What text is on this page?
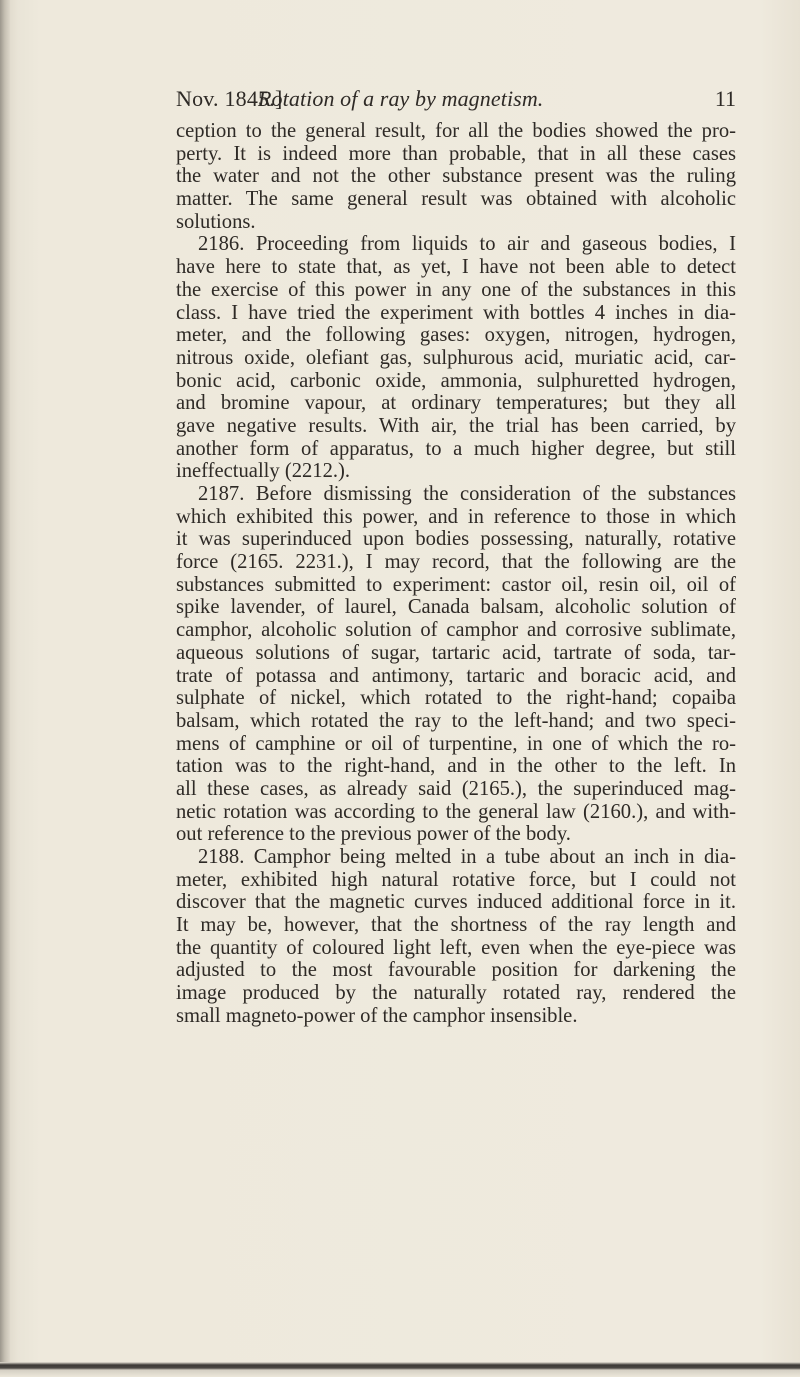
Nov. 1845.]
Rotation of a ray by magnetism.	11
ception to the general result, for all the bodies showed the pro-
perty. It is indeed more than probable, that in all these cases
the water and not the other substance present was the ruling
matter. The same general result was obtained with alcoholic
solutions.
2186. Proceeding from liquids to air and gaseous bodies, I
have here to state that, as yet, I have not been able to detect
the exercise of this power in any one of the substances in this
class. I have tried the experiment with bottles 4 inches in dia-
meter, and the following gases: oxygen, nitrogen, hydrogen,
nitrous oxide, olefiant gas, sulphurous acid, muriatic acid, car-
bonic acid, carbonic oxide, ammonia, sulphuretted hydrogen,
and bromine vapour, at ordinary temperatures; but they all
gave negative results. With air, the trial has been carried, by
another form of apparatus, to a much higher degree, but still
ineffectually (2212.).
2187. Before dismissing the consideration of the substances
which exhibited this power, and in reference to those in which
it was superinduced upon bodies possessing, naturally, rotative
force (2165. 2231.), I may record, that the following are the
substances submitted to experiment: castor oil, resin oil, oil of
spike lavender, of laurel, Canada balsam, alcoholic solution of
camphor, alcoholic solution of camphor and corrosive sublimate,
aqueous solutions of sugar, tartaric acid, tartrate of soda, tar-
trate of potassa and antimony, tartaric and boracic acid, and
sulphate of nickel, which rotated to the right-hand; copaiba
balsam, which rotated the ray to the left-hand; and two speci-
mens of camphine or oil of turpentine, in one of which the ro-
tation was to the right-hand, and in the other to the left. In
all these cases, as already said (2165.), the superinduced mag-
netic rotation was according to the general law (2160.), and with-
out reference to the previous power of the body.
2188. Camphor being melted in a tube about an inch in dia-
meter, exhibited high natural rotative force, but I could not
discover that the magnetic curves induced additional force in it.
It may be, however, that the shortness of the ray length and
the quantity of coloured light left, even when the eye-piece was
adjusted to the most favourable position for darkening the
image produced by the naturally rotated ray, rendered the
small magneto-power of the camphor insensible.
